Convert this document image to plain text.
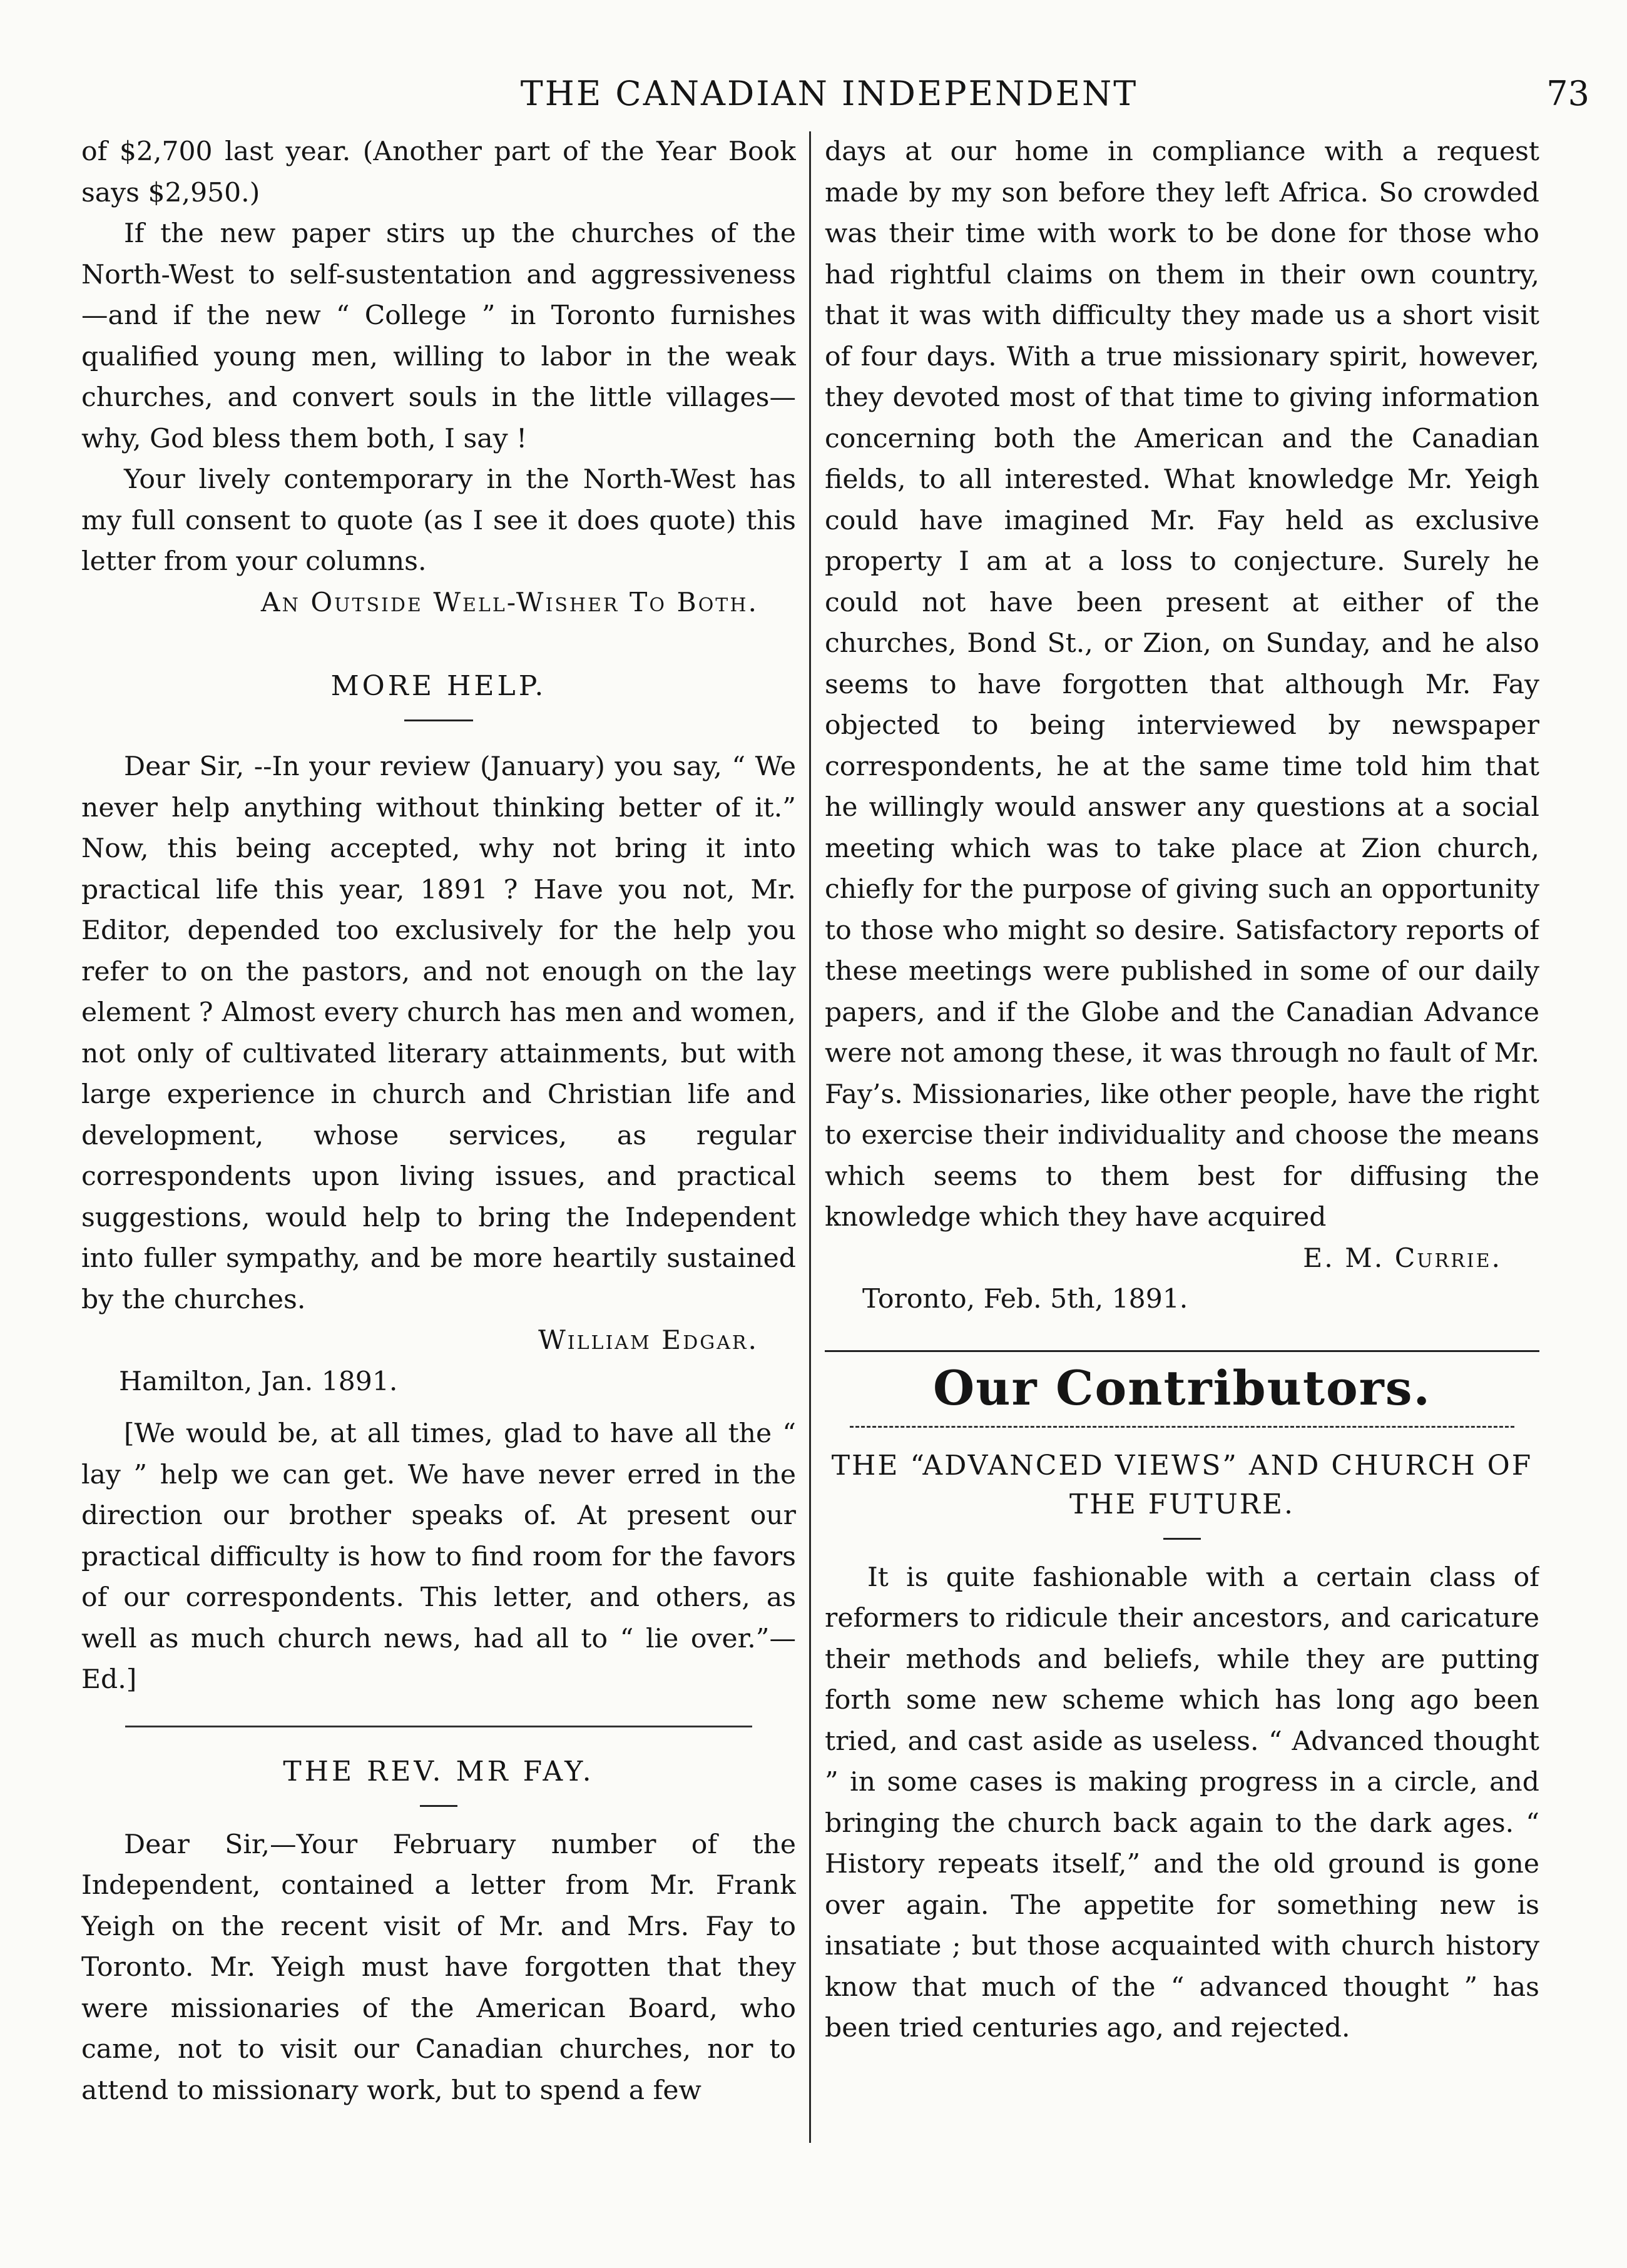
THE CANADIAN INDEPENDENT	73

of $2,700 last year. (Another part of the Year Book says $2,950.)

If the new paper stirs up the churches of the North-West to self-sustentation and aggressiveness —and if the new “ College ” in Toronto furnishes qualified young men, willing to labor in the weak churches, and convert souls in the little villages— why, God bless them both, I say !

Your lively contemporary in the North-West has my full consent to quote (as I see it does quote) this letter from your columns.

An Outside Well-Wisher To Both.

MORE HELP.

Dear Sir, --In your review (January) you say, “ We never help anything without thinking better of it.” Now, this being accepted, why not bring it into practical life this year, 1891 ? Have you not, Mr. Editor, depended too exclusively for the help you refer to on the pastors, and not enough on the lay element ? Almost every church has men and women, not only of cultivated literary attainments, but with large experience in church and Christian life and development, whose services, as regular correspondents upon living issues, and practical suggestions, would help to bring the Independent into fuller sympathy, and be more heartily sustained by the churches.

William Edgar.

Hamilton, Jan. 1891.

[We would be, at all times, glad to have all the “ lay ” help we can get. We have never erred in the direction our brother speaks of. At present our practical difficulty is how to find room for the favors of our correspondents. This letter, and others, as well as much church news, had all to “ lie over.”—Ed.]

THE REV. MR FAY.

Dear Sir,—Your February number of the Independent, contained a letter from Mr. Frank Yeigh on the recent visit of Mr. and Mrs. Fay to Toronto. Mr. Yeigh must have forgotten that they were missionaries of the American Board, who came, not to visit our Canadian churches, nor to attend to missionary work, but to spend a few

days at our home in compliance with a request made by my son before they left Africa. So crowded was their time with work to be done for those who had rightful claims on them in their own country, that it was with difficulty they made us a short visit of four days. With a true missionary spirit, however, they devoted most of that time to giving information concerning both the American and the Canadian fields, to all interested. What knowledge Mr. Yeigh could have imagined Mr. Fay held as exclusive property I am at a loss to conjecture. Surely he could not have been present at either of the churches, Bond St., or Zion, on Sunday, and he also seems to have forgotten that although Mr. Fay objected to being interviewed by newspaper correspondents, he at the same time told him that he willingly would answer any questions at a social meeting which was to take place at Zion church, chiefly for the purpose of giving such an opportunity to those who might so desire. Satisfactory reports of these meetings were published in some of our daily papers, and if the Globe and the Canadian Advance were not among these, it was through no fault of Mr. Fay’s. Missionaries, like other people, have the right to exercise their individuality and choose the means which seems to them best for diffusing the knowledge which they have acquired

E. M. Currie.

Toronto, Feb. 5th, 1891.

Our Contributors.
THE “ADVANCED VIEWS” AND CHURCH OF THE FUTURE.

It is quite fashionable with a certain class of reformers to ridicule their ancestors, and caricature their methods and beliefs, while they are putting forth some new scheme which has long ago been tried, and cast aside as useless. “ Advanced thought ” in some cases is making progress in a circle, and bringing the church back again to the dark ages. “ History repeats itself,” and the old ground is gone over again. The appetite for something new is insatiate ; but those acquainted with church history know that much of the “ advanced thought ” has been tried centuries ago, and rejected.
